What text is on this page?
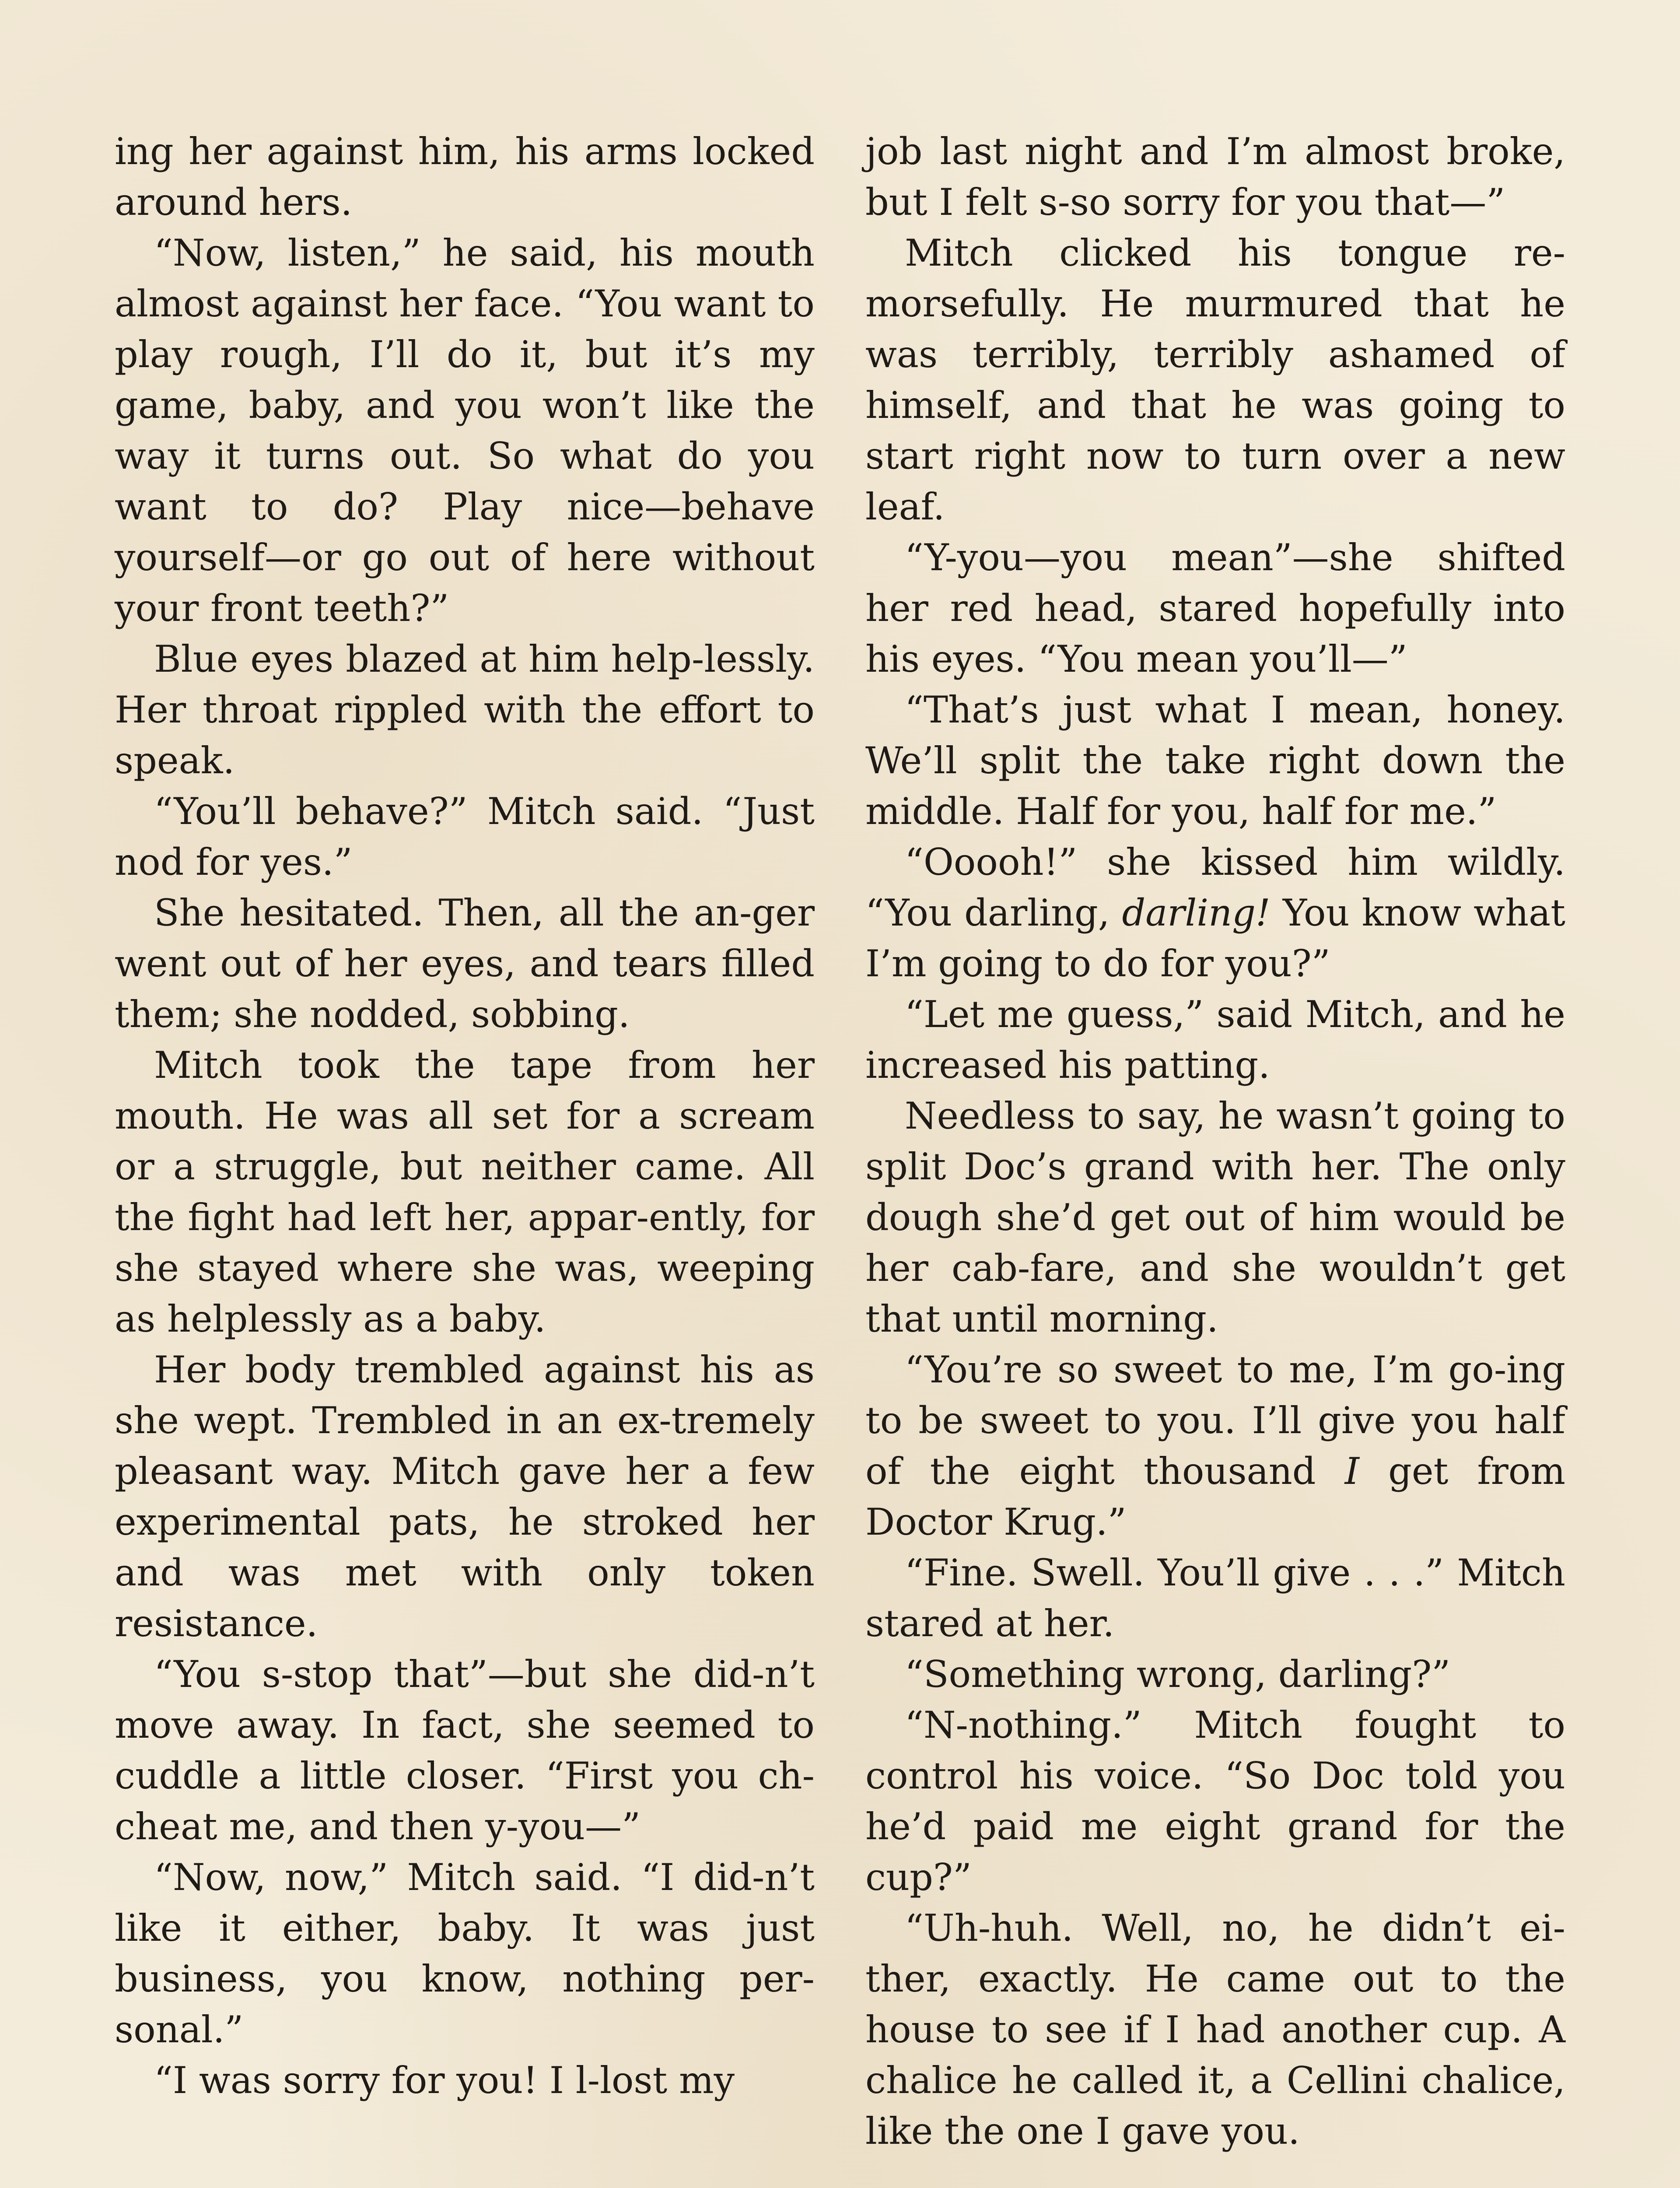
ing her against him, his arms locked around hers.

“Now, listen,” he said, his mouth almost against her face. “You want to play rough, I’ll do it, but it’s my game, baby, and you won’t like the way it turns out. So what do you want to do? Play nice—behave yourself—or go out of here without your front teeth?”

Blue eyes blazed at him help-lessly. Her throat rippled with the effort to speak.

“You’ll behave?” Mitch said. “Just nod for yes.”

She hesitated. Then, all the an-ger went out of her eyes, and tears filled them; she nodded, sobbing.

Mitch took the tape from her mouth. He was all set for a scream or a struggle, but neither came. All the fight had left her, appar-ently, for she stayed where she was, weeping as helplessly as a baby.

Her body trembled against his as she wept. Trembled in an ex-tremely pleasant way. Mitch gave her a few experimental pats, he stroked her and was met with only token resistance.

“You s-stop that”—but she did-n’t move away. In fact, she seemed to cuddle a little closer. “First you ch-cheat me, and then y-you—”

“Now, now,” Mitch said. “I did-n’t like it either, baby. It was just business, you know, nothing per-sonal.”

“I was sorry for you! I l-lost my

job last night and I’m almost broke, but I felt s-so sorry for you that—”

Mitch clicked his tongue re-morsefully. He murmured that he was terribly, terribly ashamed of himself, and that he was going to start right now to turn over a new leaf.

“Y-you—you mean”—she shifted her red head, stared hopefully into his eyes. “You mean you’ll—”

“That’s just what I mean, honey. We’ll split the take right down the middle. Half for you, half for me.”

“Ooooh!” she kissed him wildly. “You darling, darling! You know what I’m going to do for you?”

“Let me guess,” said Mitch, and he increased his patting.

Needless to say, he wasn’t going to split Doc’s grand with her. The only dough she’d get out of him would be her cab-fare, and she wouldn’t get that until morning.

“You’re so sweet to me, I’m go-ing to be sweet to you. I’ll give you half of the eight thousand I get from Doctor Krug.”

“Fine. Swell. You’ll give . . .” Mitch stared at her.

“Something wrong, darling?”

“N-nothing.” Mitch fought to control his voice. “So Doc told you he’d paid me eight grand for the cup?”

“Uh-huh. Well, no, he didn’t ei-ther, exactly. He came out to the house to see if I had another cup. A chalice he called it, a Cellini chalice, like the one I gave you.
